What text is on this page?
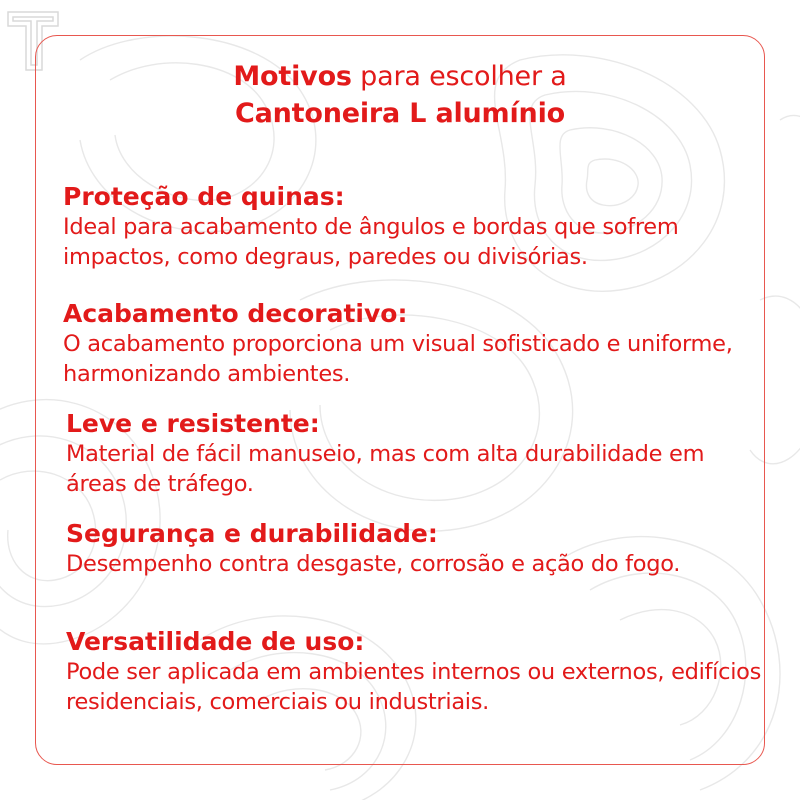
Motivos para escolher a
Cantoneira L alumínio
Proteção de quinas:
Ideal para acabamento de ângulos e bordas que sofrem impactos, como degraus, paredes ou divisórias.
Acabamento decorativo:
O acabamento proporciona um visual sofisticado e uniforme, harmonizando ambientes.
Leve e resistente:
Material de fácil manuseio, mas com alta durabilidade em áreas de tráfego.
Segurança e durabilidade:
Desempenho contra desgaste, corrosão e ação do fogo.
Versatilidade de uso:
Pode ser aplicada em ambientes internos ou externos, edifícios residenciais, comerciais ou industriais.
